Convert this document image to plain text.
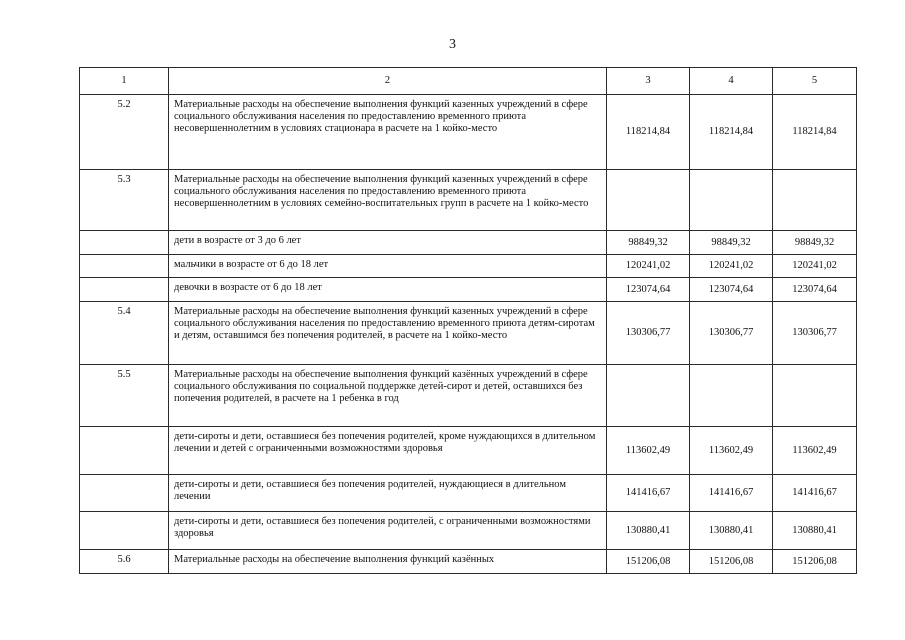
3
1	2	3	4	5
5.2	Материальные расходы на обеспечение выполнения функций казенных учреждений в сфере социального обслуживания населения по предоставлению временного приюта несовершеннолетним в условиях стационара в расчете на 1 койко-место	118214,84	118214,84	118214,84
5.3	Материальные расходы на обеспечение выполнения функций казенных учреждений в сфере социального обслуживания населения по предоставлению временного приюта несовершеннолетним в условиях семейно-воспитательных групп в расчете на 1 койко-место			
	дети в возрасте от 3 до 6 лет	98849,32	98849,32	98849,32
	мальчики в возрасте от 6 до 18 лет	120241,02	120241,02	120241,02
	девочки в возрасте от 6 до 18 лет	123074,64	123074,64	123074,64
5.4	Материальные расходы на обеспечение выполнения функций казенных учреждений в сфере социального обслуживания населения по предоставлению временного приюта детям-сиротам и детям, оставшимся без попечения родителей, в расчете на 1 койко-место	130306,77	130306,77	130306,77
5.5	Материальные расходы на обеспечение выполнения функций казённых учреждений в сфере социального обслуживания по социальной поддержке детей-сирот и детей, оставшихся без попечения родителей, в расчете на 1 ребенка в год			
	дети-сироты и дети, оставшиеся без попечения родителей, кроме нуждающихся в длительном лечении и детей с ограниченными возможностями здоровья	113602,49	113602,49	113602,49
	дети-сироты и дети, оставшиеся без попечения родителей, нуждающиеся в длительном лечении	141416,67	141416,67	141416,67
	дети-сироты и дети, оставшиеся без попечения родителей, с ограниченными возможностями здоровья	130880,41	130880,41	130880,41
5.6	Материальные расходы на обеспечение выполнения функций казённых	151206,08	151206,08	151206,08
